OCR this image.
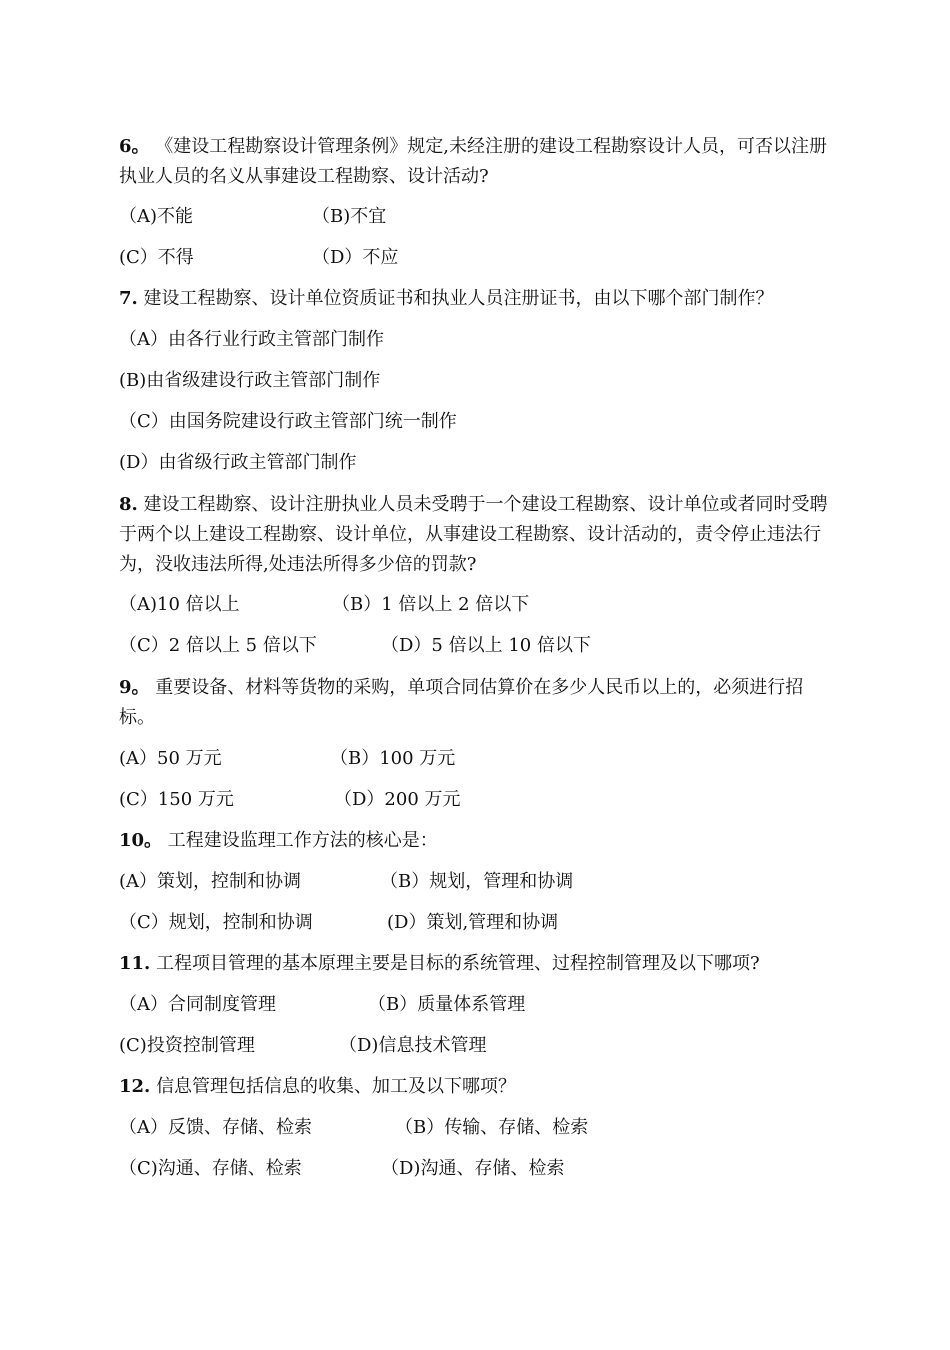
6。 《建设工程勘察设计管理条例》规定,未经注册的建设工程勘察设计人员，可否以注册执业人员的名义从事建设工程勘察、设计活动?
（A)不能	（B)不宜
(C）不得	（D）不应
7. 建设工程勘察、设计单位资质证书和执业人员注册证书，由以下哪个部门制作？
（A）由各行业行政主管部门制作
(B)由省级建设行政主管部门制作
（C）由国务院建设行政主管部门统一制作
(D）由省级行政主管部门制作
8. 建设工程勘察、设计注册执业人员未受聘于一个建设工程勘察、设计单位或者同时受聘于两个以上建设工程勘察、设计单位，从事建设工程勘察、设计活动的，责令停止违法行为，没收违法所得,处违法所得多少倍的罚款?
（A)10 倍以上	（B）1 倍以上 2 倍以下
（C）2 倍以上 5 倍以下	（D）5 倍以上 10 倍以下
9。 重要设备、材料等货物的采购，单项合同估算价在多少人民币以上的，必须进行招标。
(A）50 万元	（B）100 万元
(C）150 万元	（D）200 万元
10。 工程建设监理工作方法的核心是：
(A）策划，控制和协调	（B）规划，管理和协调
（C）规划，控制和协调	(D）策划,管理和协调
11. 工程项目管理的基本原理主要是目标的系统管理、过程控制管理及以下哪项?
（A）合同制度管理	（B）质量体系管理
(C)投资控制管理	（D)信息技术管理
12. 信息管理包括信息的收集、加工及以下哪项？
（A）反馈、存储、检索	（B）传输、存储、检索
（C)沟通、存储、检索	（D)沟通、存储、检索
